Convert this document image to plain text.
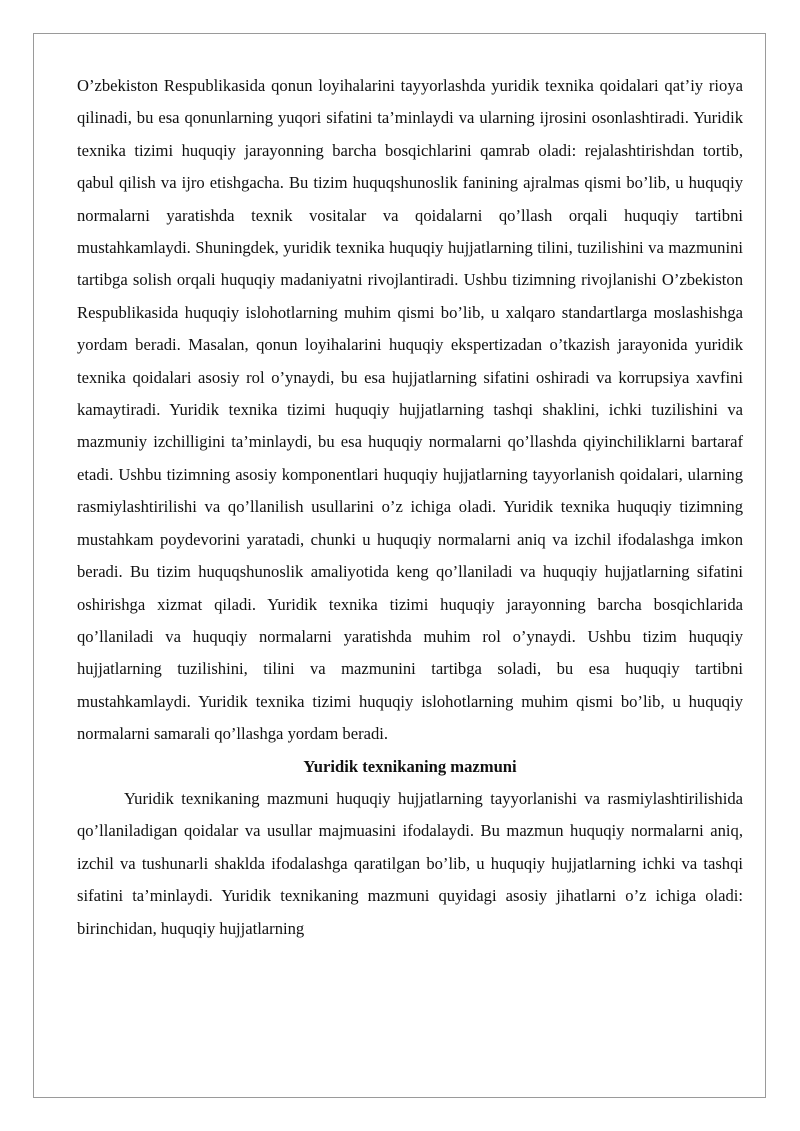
O’zbekiston Respublikasida qonun loyihalarini tayyorlashda yuridik texnika qoidalari qat’iy rioya qilinadi, bu esa qonunlarning yuqori sifatini ta’minlaydi va ularning ijrosini osonlashtiradi. Yuridik texnika tizimi huquqiy jarayonning barcha bosqichlarini qamrab oladi: rejalashtirishdan tortib, qabul qilish va ijro etishgacha. Bu tizim huquqshunoslik fanining ajralmas qismi bo’lib, u huquqiy normalarni yaratishda texnik vositalar va qoidalarni qo’llash orqali huquqiy tartibni mustahkamlaydi. Shuningdek, yuridik texnika huquqiy hujjatlarning tilini, tuzilishini va mazmunini tartibga solish orqali huquqiy madaniyatni rivojlantiradi. Ushbu tizimning rivojlanishi O’zbekiston Respublikasida huquqiy islohotlarning muhim qismi bo’lib, u xalqaro standartlarga moslashishga yordam beradi. Masalan, qonun loyihalarini huquqiy ekspertizadan o’tkazish jarayonida yuridik texnika qoidalari asosiy rol o’ynaydi, bu esa hujjatlarning sifatini oshiradi va korrupsiya xavfini kamaytiradi. Yuridik texnika tizimi huquqiy hujjatlarning tashqi shaklini, ichki tuzilishini va mazmuniy izchilligini ta’minlaydi, bu esa huquqiy normalarni qo’llashda qiyinchiliklarni bartaraf etadi. Ushbu tizimning asosiy komponentlari huquqiy hujjatlarning tayyorlanish qoidalari, ularning rasmiylashtirilishi va qo’llanilish usullarini o’z ichiga oladi. Yuridik texnika huquqiy tizimning mustahkam poydevorini yaratadi, chunki u huquqiy normalarni aniq va izchil ifodalashga imkon beradi. Bu tizim huquqshunoslik amaliyotida keng qo’llaniladi va huquqiy hujjatlarning sifatini oshirishga xizmat qiladi. Yuridik texnika tizimi huquqiy jarayonning barcha bosqichlarida qo’llaniladi va huquqiy normalarni yaratishda muhim rol o’ynaydi. Ushbu tizim huquqiy hujjatlarning tuzilishini, tilini va mazmunini tartibga soladi, bu esa huquqiy tartibni mustahkamlaydi. Yuridik texnika tizimi huquqiy islohotlarning muhim qismi bo’lib, u huquqiy normalarni samarali qo’llashga yordam beradi.

Yuridik texnikaning mazmuni

Yuridik texnikaning mazmuni huquqiy hujjatlarning tayyorlanishi va rasmiylashtirilishida qo’llaniladigan qoidalar va usullar majmuasini ifodalaydi. Bu mazmun huquqiy normalarni aniq, izchil va tushunarli shaklda ifodalashga qaratilgan bo’lib, u huquqiy hujjatlarning ichki va tashqi sifatini ta’minlaydi. Yuridik texnikaning mazmuni quyidagi asosiy jihatlarni o’z ichiga oladi: birinchidan, huquqiy hujjatlarning
